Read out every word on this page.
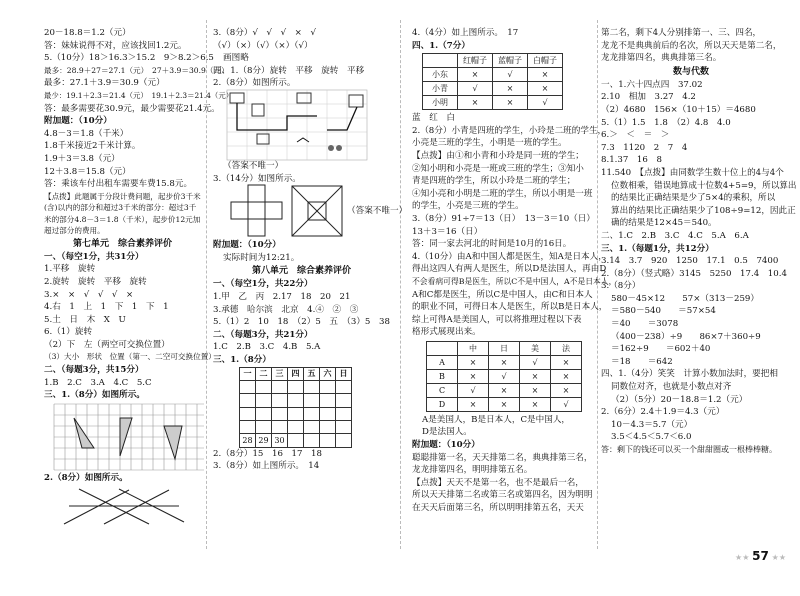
20－18.8＝1.2（元）
答：妹妹说得不对，应该找回1.2元。
5.（10分）18＞16.3＞15.2　9＞8.2＞6.5
最多：28.9＋27＝27.1（元）　27＋3.9＝30.9（元）
最多：27.1＋3.9＝30.9（元）
最少：19.1＋2.3＝21.4（元）　19.1＋2.3＝21.4（元）
答：最多需要花30.9元，最少需要花21.4元。
附加题：（10分）
4.8－3＝1.8（千米）
1.8千米接近2千米计算。
1.9＋3＝3.8（元）
12＋3.8＝15.8（元）
答：乘该车付出租车需要车费15.8元。
【点拨】此题属于分段计费问题，起步价3千米(含)以内的部分和超过3千米的部分：超过3千米的部分4.8－3＝1.8（千米），起步价12元加超过部分的费用。
第七单元　综合素养评价
一、（每空1分，共31分）
1.平移　旋转
2.旋转　旋转　平移　旋转
3.×　×　√　√　√　×
4.右　1　上　1　下　1　下　1
5.土　日　木　X　U
6.（1）旋转
（2）下　左（两空可交换位置）
（3）大小　形状　位置（第一、二空可交换位置）
二、（每题3分，共15分）
1.B　2.C　3.A　4.C　5.C
三、1.（8分）如图所示。
2.（8分）如图所示。
3.（8分）√　√　√　×　√
（√）（×）（√）（×）（√）
画图略
四、1.（8分）旋转　平移　旋转　平移
2.（8分）如图所示。
（答案不唯一）
3.（14分）如图所示。
（答案不唯一）
附加题：（10分）
实际时间为12:21。
第八单元　综合素养评价
一、（每空1分，共22分）
1.甲　乙　丙　2.17　18　20　21
3.承德　哈尔滨　北京　4.④　②　③
5.（1）2　10　18　（2）5　五　（3）5　38
二、（每题3分，共21分）
1.C　2.B　3.C　4.B　5.A
三、1.（8分）
一	二	三	四	五	六	日

28	29	30				
2.（8分）15　16　17　18
3.（8分）如上图所示。　14
4.（4分）如上图所示。　17
四、1.（7分）
	红帽子	蓝帽子	白帽子
小东	×	√	×
小青	√	×	×
小明	×	×	√
蓝　红　白
2.（8分）小青是四班的学生，小玲是二班的学生，
小亮是三班的学生，小明是一班的学生。
【点拨】由①和小青和小玲是同一班的学生；
②知小明和小亮是一班或三班的学生；③知小
青是四班的学生，所以小玲是二班的学生；
④知小亮和小明是二班的学生，所以小明是一班
的学生，小亮是三班的学生。
3.（8分）91÷7＝13（日）　13－3＝10（日）
13＋3＝16（日）
答：同一家去河北的时间是10月的16日。
4.（10分）由A和中国人都是医生，知A是日本人，
得出这四人有两人是医生，所以D是法国人，再由D
不会看病可得B是医生，所以C不是中国人，A不是日本人，
A和C都是医生，所以C是中国人，由C和日本人
的职业不同，可得日本人是医生，所以B是日本人，
综上可得A是美国人，可以将推理过程以下表
格形式展现出来。
	中	日	美	法
A	×	×	√	×
B	×	√	×	×
C	√	×	×	×
D	×	×	×	√
A是美国人，B是日本人，C是中国人，
D是法国人。
附加题：（10分）
聪聪排第一名，天天排第二名，典典排第三名，
龙龙排第四名，明明排第五名。
【点拨】天天不是第一名，也不是最后一名，
所以天天排第二名或第三名或第四名，因为明明
在天天后面第三名，所以明明排第五名，天天
第二名，剩下4人分别排第一、三、四名，
龙龙不是典典前后的名次，所以天天是第二名，
龙龙排第四名，典典排第三名。
数与代数
一、1.六十四点四　37.02
2.10　相加　3.27　4.2
（2）4680　156×（10＋15）＝4680
5.（1）1.5　1.8　（2）4.8　4.0
6.＞　＜　＝　＞
7.3　1120　2　7　4
8.1.37　16　8
11.540　【点拨】由同数学生数十位上的4与4个
位数相乘，错误地算成十位数4+5=9，所以算出
的结果比正确结果是少了5×4的乘积，所以
算出的结果比正确结果少了108÷9=12，因此正
确的结果是12×45＝540。
二、1.C　2.B　3.C　4.C　5.A　6.A
三、1.（每题1分，共12分）
3.14　3.7　920　1250　17.1　0.5　7400
2.（8分）（竖式略）3145　5250　17.4　10.4
3.（8分）
580－45×12　　57×（313－259）
＝580－540　　＝57×54
＝40　　＝3078
（400－238）÷9　　86×7＋360÷9
＝162÷9　　＝602＋40
＝18　　＝642
四、1.（4分）笑笑　计算小数加法时，要把相
同数位对齐，也就是小数点对齐
（2）（5分）20－18.8＝1.2（元）
2.（6分）2.4＋1.9＝4.3（元）
10－4.3＝5.7（元）
3.5＜4.5＜5.7＜6.0
答：剩下的钱还可以买一个甜甜圈或一根棒棒糖。
★★ 57 ★★
